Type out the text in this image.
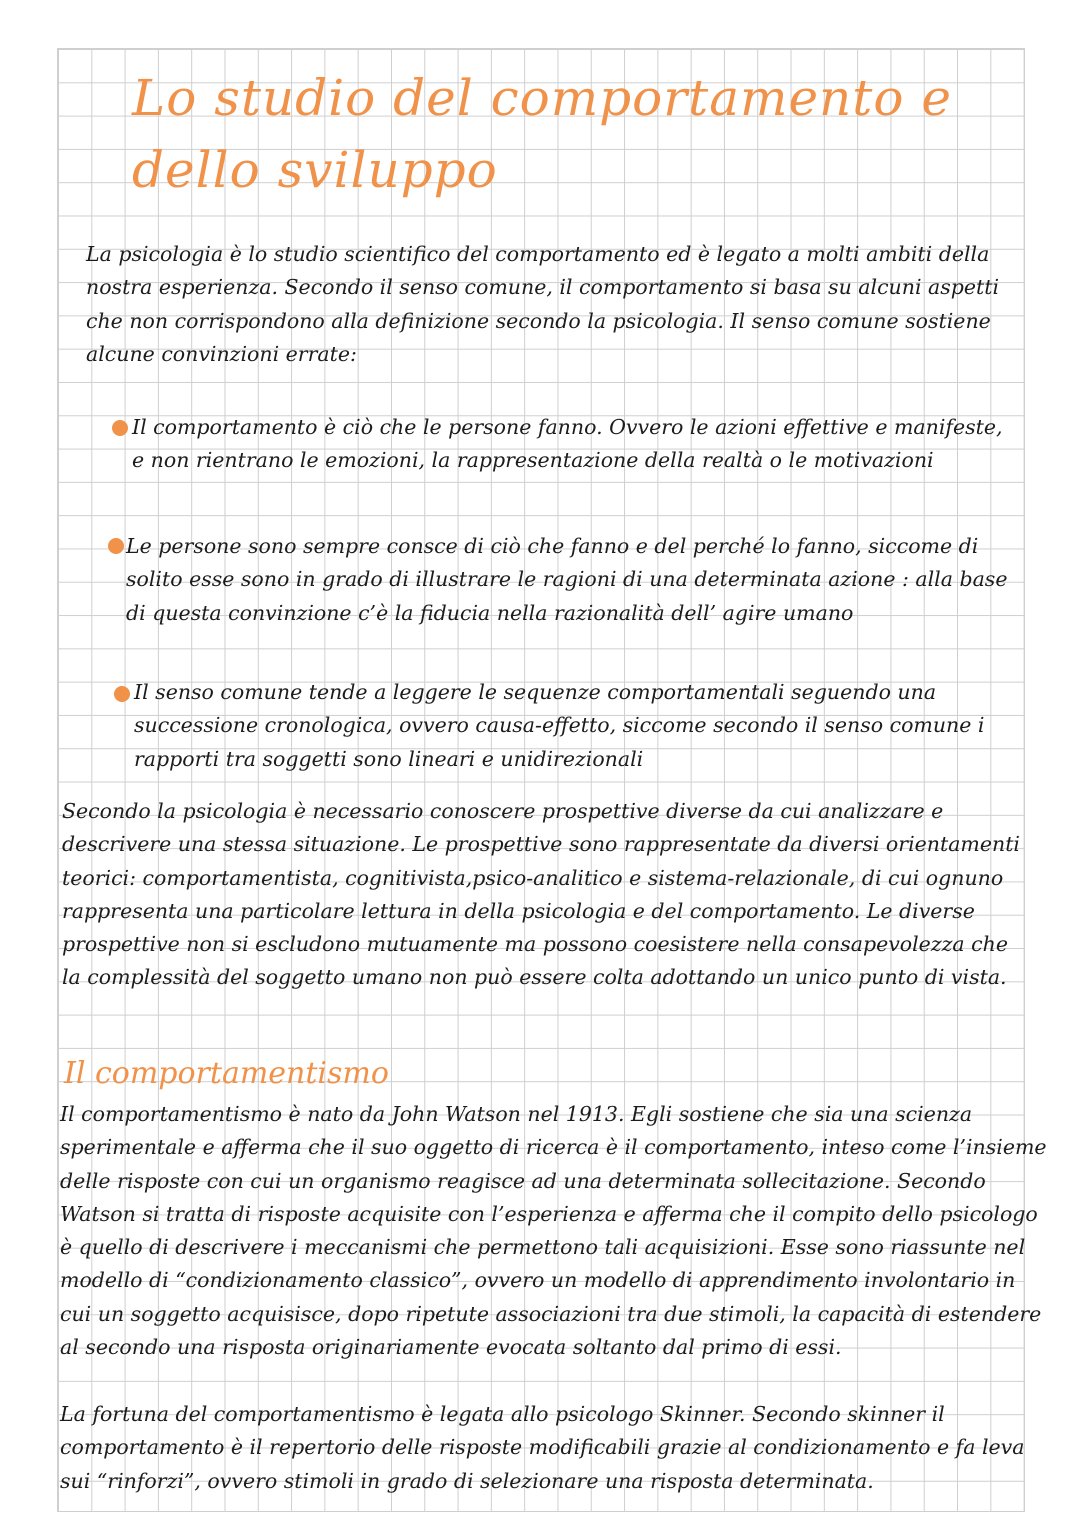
Lo studio del comportamento e dello sviluppo

La psicologia è lo studio scientifico del comportamento ed è legato a molti ambiti della nostra esperienza. Secondo il senso comune, il comportamento si basa su alcuni aspetti che non corrispondono alla definizione secondo la psicologia. Il senso comune sostiene alcune convinzioni errate:

Il comportamento è ciò che le persone fanno. Ovvero le azioni effettive e manifeste, e non rientrano le emozioni, la rappresentazione della realtà o le motivazioni

Le persone sono sempre consce di ciò che fanno e del perché lo fanno, siccome di solito esse sono in grado di illustrare le ragioni di una determinata azione : alla base di questa convinzione c’è la fiducia nella razionalità dell’ agire umano

Il senso comune tende a leggere le sequenze comportamentali seguendo una successione cronologica, ovvero causa-effetto, siccome secondo il senso comune i rapporti tra soggetti sono lineari e unidirezionali

Secondo la psicologia è necessario conoscere prospettive diverse da cui analizzare e descrivere una stessa situazione. Le prospettive sono rappresentate da diversi orientamenti teorici: comportamentista, cognitivista,psico-analitico e sistema-relazionale, di cui ognuno rappresenta una particolare lettura in della psicologia e del comportamento. Le diverse prospettive non si escludono mutuamente ma possono coesistere nella consapevolezza che la complessità del soggetto umano non può essere colta adottando un unico punto di vista.

Il comportamentismo

Il comportamentismo è nato da John Watson nel 1913. Egli sostiene che sia una scienza sperimentale e afferma che il suo oggetto di ricerca è il comportamento, inteso come l’insieme delle risposte con cui un organismo reagisce ad una determinata sollecitazione. Secondo Watson si tratta di risposte acquisite con l’esperienza e afferma che il compito dello psicologo è quello di descrivere i meccanismi che permettono tali acquisizioni. Esse sono riassunte nel modello di “condizionamento classico”, ovvero un modello di apprendimento involontario in cui un soggetto acquisisce, dopo ripetute associazioni tra due stimoli, la capacità di estendere al secondo una risposta originariamente evocata soltanto dal primo di essi.

La fortuna del comportamentismo è legata allo psicologo Skinner. Secondo skinner il comportamento è il repertorio delle risposte modificabili grazie al condizionamento e fa leva sui “rinforzi”, ovvero stimoli in grado di selezionare una risposta determinata.
